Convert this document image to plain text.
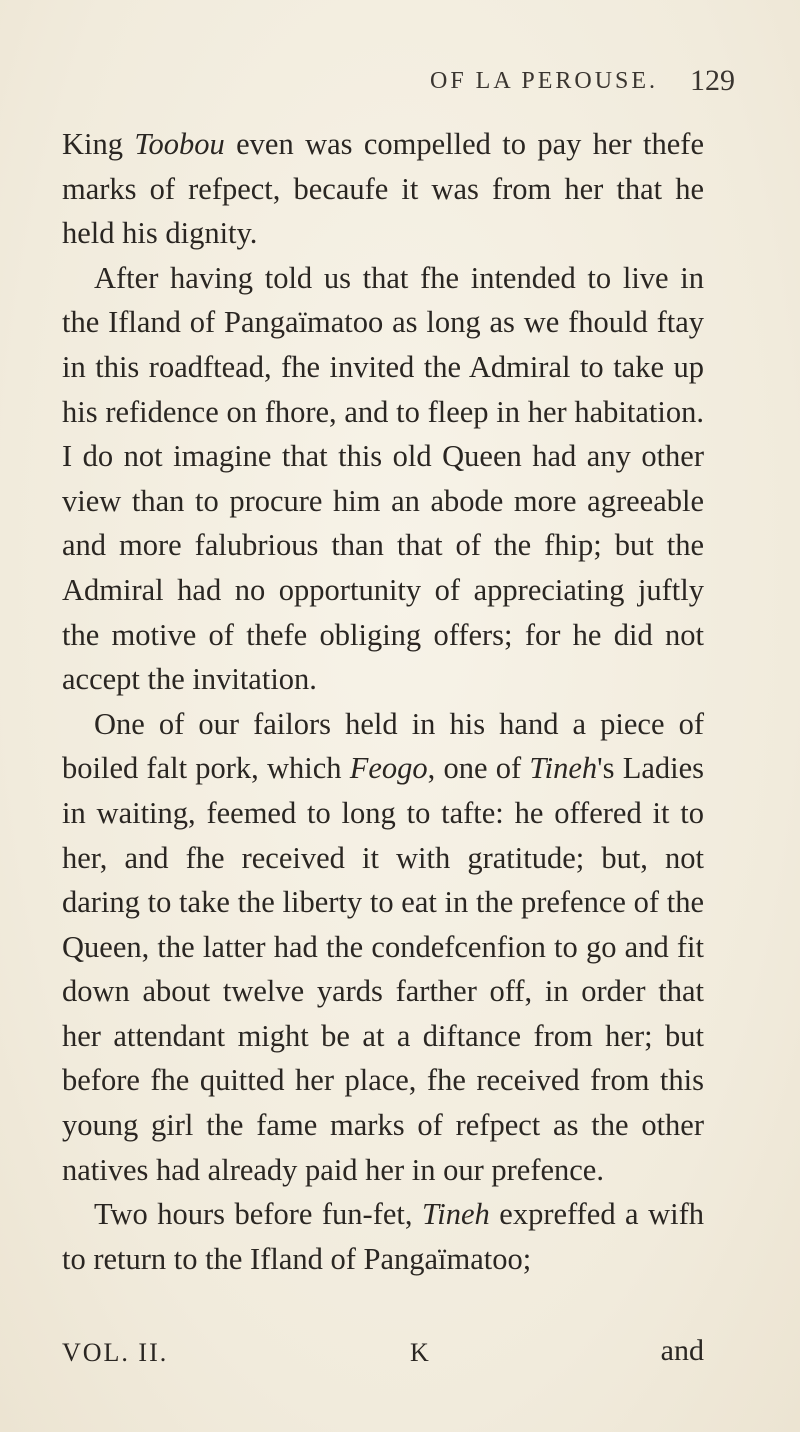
OF LA PEROUSE. 129

King Toobou even was compelled to pay her thefe marks of refpect, becaufe it was from her that he held his dignity.

After having told us that fhe intended to live in the Ifland of Pangaïmatoo as long as we fhould ftay in this roadftead, fhe invited the Admiral to take up his refidence on fhore, and to fleep in her habitation. I do not imagine that this old Queen had any other view than to procure him an abode more agreeable and more falubrious than that of the fhip; but the Admiral had no opportunity of appreciating juftly the motive of thefe obliging offers; for he did not accept the invitation.

One of our failors held in his hand a piece of boiled falt pork, which Feogo, one of Tineh's Ladies in waiting, feemed to long to tafte: he offered it to her, and fhe received it with gratitude; but, not daring to take the liberty to eat in the prefence of the Queen, the latter had the condefcenfion to go and fit down about twelve yards farther off, in order that her attendant might be at a diftance from her; but before fhe quitted her place, fhe received from this young girl the fame marks of refpect as the other natives had already paid her in our prefence.

Two hours before fun-fet, Tineh expreffed a wifh to return to the Ifland of Pangaïmatoo;

VOL. II.	K	and
